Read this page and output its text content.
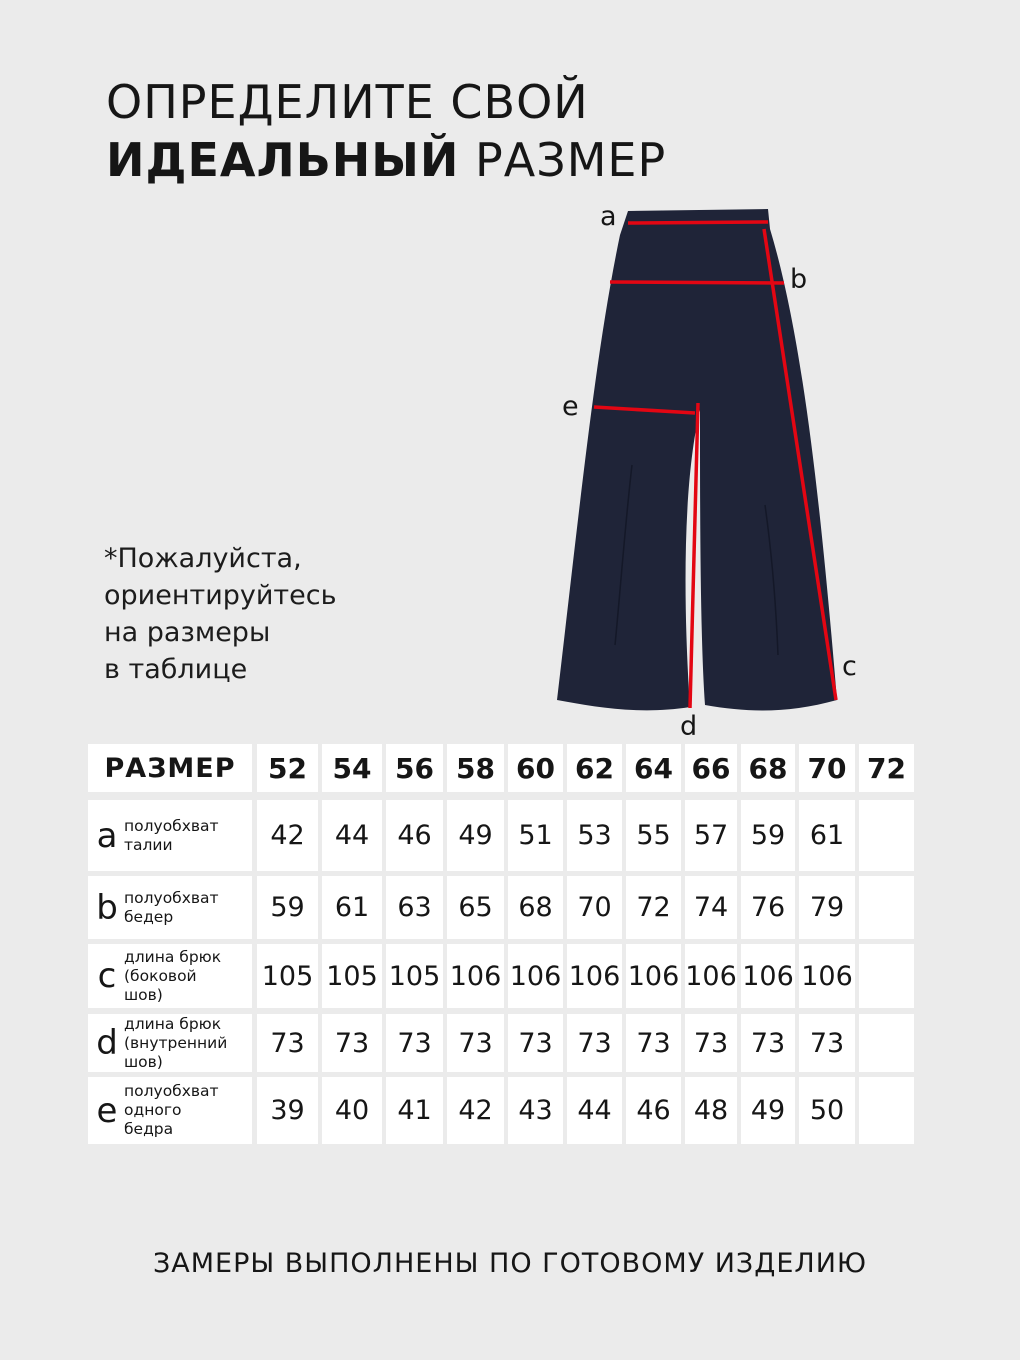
ОПРЕДЕЛИТЕ СВОЙ
ИДЕАЛЬНЫЙ РАЗМЕР
*Пожалуйста,
ориентируйтесь
на размеры
в таблице
a
b
c
d
e
РАЗМЕР	52 54 56 58 60 62 64 66 68 70 72
a полуобхват
талии	42	44	46 49 51 53 55 57 59 61
b полуобхват
бедер	59	61	63 65 68 70 72 74 76 79
c длина брюк
(боковой
шов)
105 105 105 106 106 106 106 106 106 106
d длина брюк
(внутренний
шов)
73	73	73 73 73 73 73 73 73 73
e полуобхват
одного
бедра
39	40	41 42 43 44 46 48 49 50
ЗАМЕРЫ ВЫПОЛНЕНЫ ПО ГОТОВОМУ ИЗДЕЛИЮ
